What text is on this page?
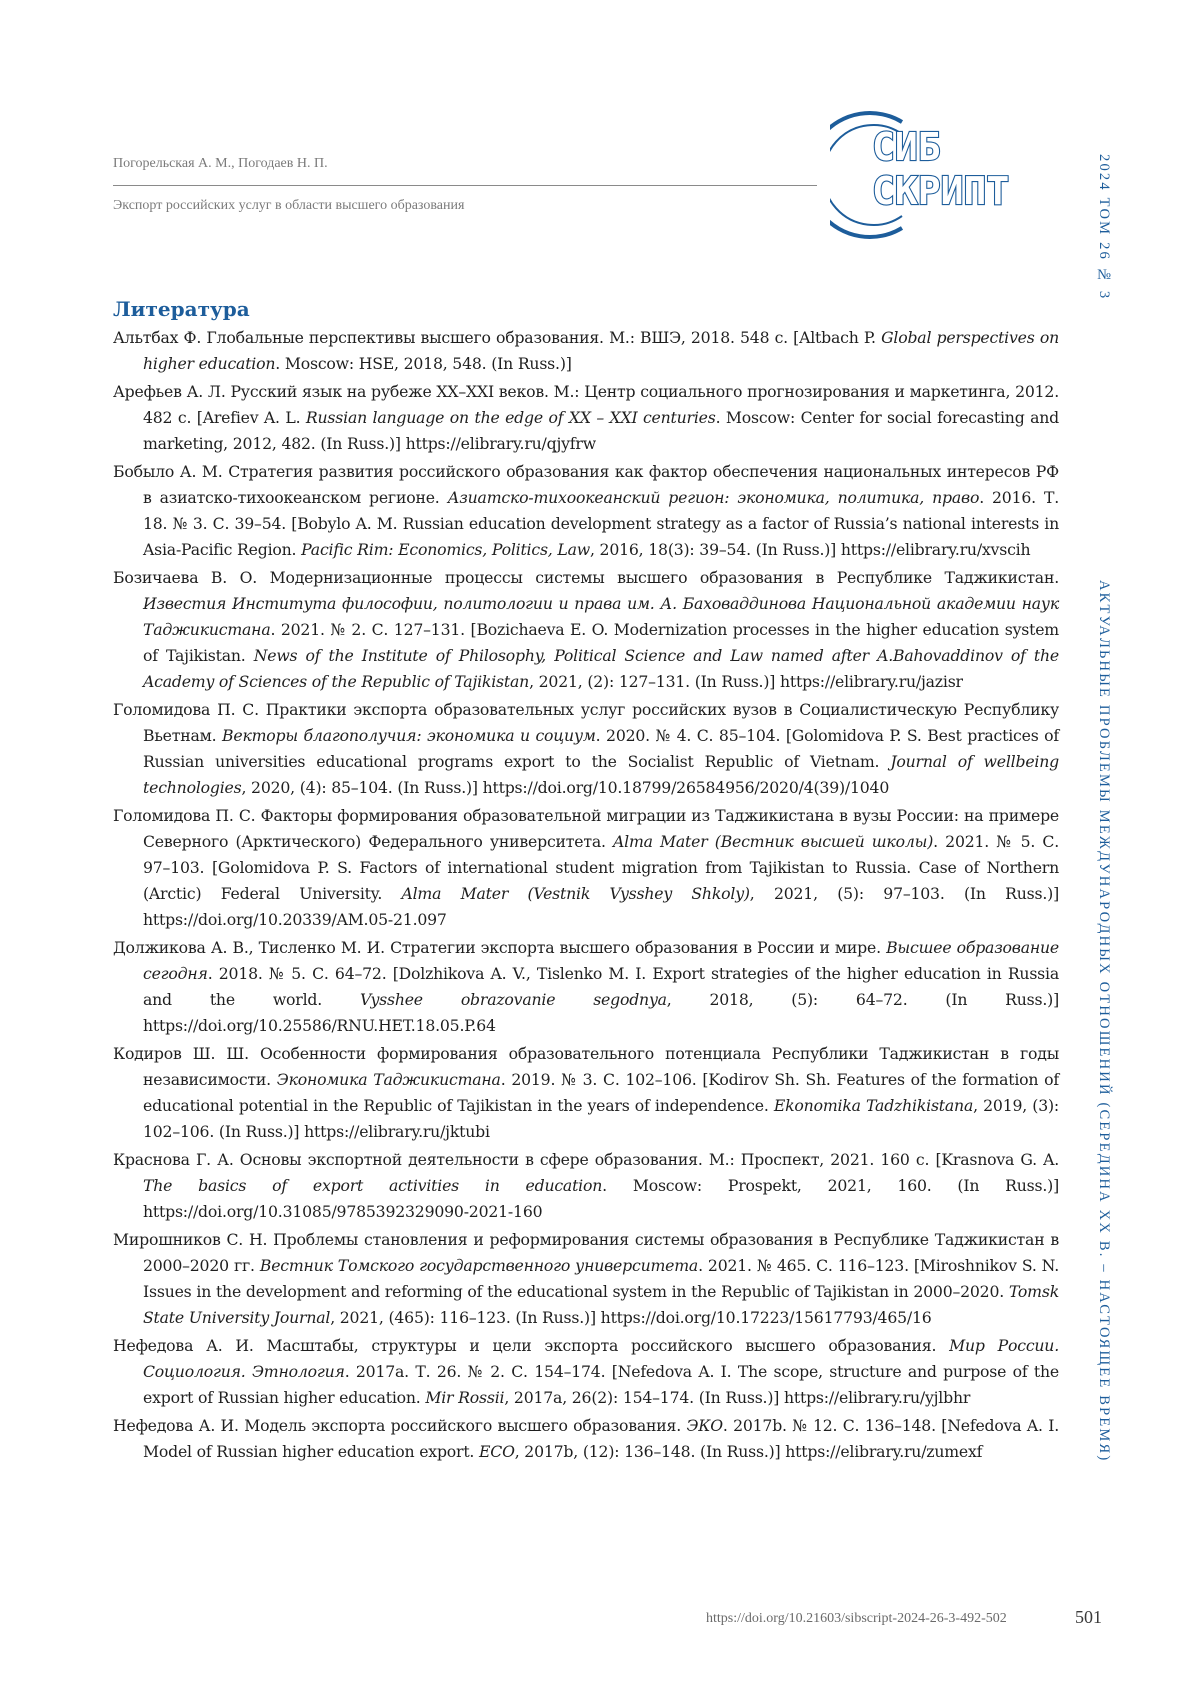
Погорельская А. М., Погодаев Н. П.
Экспорт российских услуг в области высшего образования
СИБ
СКРИПТ	2024 ТОМ 26 № 3
АКТУАЛЬНЫЕ ПРОБЛЕМЫ МЕЖДУНАРОДНЫХ ОТНОШЕНИЙ (СЕРЕДИНА XX В. – НАСТОЯЩЕЕ ВРЕМЯ)
Литература

Альтбах Ф. Глобальные перспективы высшего образования. М.: ВШЭ, 2018. 548 с. [Altbach P. Global perspectives on higher education. Moscow: HSE, 2018, 548. (In Russ.)]

Арефьев А. Л. Русский язык на рубеже XX–XXI веков. М.: Центр социального прогнозирования и маркетинга, 2012. 482 с. [Arefiev A. L. Russian language on the edge of XX – XXI centuries. Moscow: Center for social forecasting and marketing, 2012, 482. (In Russ.)] https://elibrary.ru/qjyfrw

Бобыло А. М. Стратегия развития российского образования как фактор обеспечения национальных интересов РФ в азиатско-тихоокеанском регионе. Азиатско-тихоокеанский регион: экономика, политика, право. 2016. Т. 18. № 3. С. 39–54. [Bobylo A. M. Russian education development strategy as a factor of Russia’s national interests in Asia-Pacific Region. Pacific Rim: Economics, Politics, Law, 2016, 18(3): 39–54. (In Russ.)] https://elibrary.ru/xvscih

Бозичаева В. О. Модернизационные процессы системы высшего образования в Республике Таджикистан. Известия Института философии, политологии и права им. А. Баховаддинова Национальной академии наук Таджикистана. 2021. № 2. С. 127–131. [Bozichaeva E. O. Modernization processes in the higher education system of Tajikistan. News of the Institute of Philosophy, Political Science and Law named after A.Bahovaddinov of the Academy of Sciences of the Republic of Tajikistan, 2021, (2): 127–131. (In Russ.)] https://elibrary.ru/jazisr

Голомидова П. С. Практики экспорта образовательных услуг российских вузов в Социалистическую Республику Вьетнам. Векторы благополучия: экономика и социум. 2020. № 4. С. 85–104. [Golomidova P. S. Best practices of Russian universities educational programs export to the Socialist Republic of Vietnam. Journal of wellbeing technologies, 2020, (4): 85–104. (In Russ.)] https://doi.org/10.18799/26584956/2020/4(39)/1040

Голомидова П. С. Факторы формирования образовательной миграции из Таджикистана в вузы России: на примере Северного (Арктического) Федерального университета. Alma Mater (Вестник высшей школы). 2021. № 5. С. 97–103. [Golomidova P. S. Factors of international student migration from Tajikistan to Russia. Case of Northern (Arctic) Federal University. Alma Mater (Vestnik Vysshey Shkoly), 2021, (5): 97–103. (In Russ.)] https://doi.org/10.20339/AM.05-21.097

Должикова А. В., Тисленко М. И. Стратегии экспорта высшего образования в России и мире. Высшее образование сегодня. 2018. № 5. С. 64–72. [Dolzhikova A. V., Tislenko M. I. Export strategies of the higher education in Russia and the world. Vysshee obrazovanie segodnya, 2018, (5): 64–72. (In Russ.)] https://doi.org/10.25586/RNU.HET.18.05.P.64

Кодиров Ш. Ш. Особенности формирования образовательного потенциала Республики Таджикистан в годы независимости. Экономика Таджикистана. 2019. № 3. С. 102–106. [Kodirov Sh. Sh. Features of the formation of educational potential in the Republic of Tajikistan in the years of independence. Ekonomika Tadzhikistana, 2019, (3): 102–106. (In Russ.)] https://elibrary.ru/jktubi

Краснова Г. А. Основы экспортной деятельности в сфере образования. М.: Проспект, 2021. 160 с. [Krasnova G. A. The basics of export activities in education. Moscow: Prospekt, 2021, 160. (In Russ.)] https://doi.org/10.31085/9785392329090-2021-160

Мирошников С. Н. Проблемы становления и реформирования системы образования в Республике Таджикистан в 2000–2020 гг. Вестник Томского государственного университета. 2021. № 465. С. 116–123. [Miroshnikov S. N. Issues in the development and reforming of the educational system in the Republic of Tajikistan in 2000–2020. Tomsk State University Journal, 2021, (465): 116–123. (In Russ.)] https://doi.org/10.17223/15617793/465/16

Нефедова А. И. Масштабы, структуры и цели экспорта российского высшего образования. Мир России. Социология. Этнология. 2017a. Т. 26. № 2. С. 154–174. [Nefedova A. I. The scope, structure and purpose of the export of Russian higher education. Mir Rossii, 2017a, 26(2): 154–174. (In Russ.)] https://elibrary.ru/yjlbhr

Нефедова А. И. Модель экспорта российского высшего образования. ЭКО. 2017b. № 12. С. 136–148. [Nefedova A. I. Model of Russian higher education export. ECO, 2017b, (12): 136–148. (In Russ.)] https://elibrary.ru/zumexf

https://doi.org/10.21603/sibscript-2024-26-3-492-502	501
